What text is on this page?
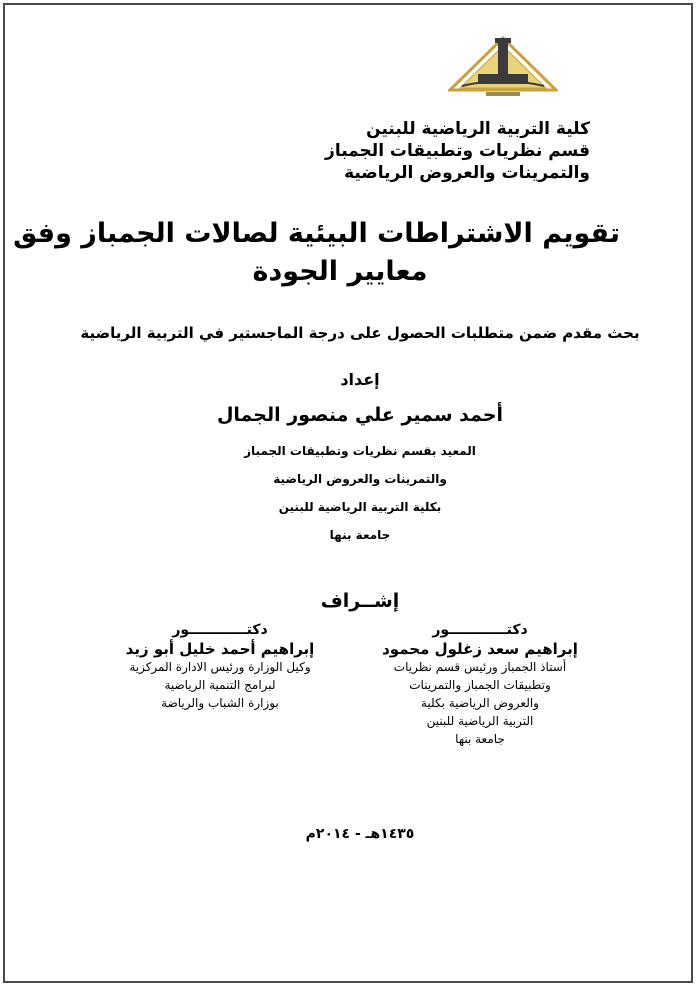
كلية التربية الرياضية للبنين
قسم نظريات وتطبيقات الجمباز
والتمرينات والعروض الرياضية
تقويم الاشتراطات البيئية لصالات الجمباز وفق
معايير الجودة
بحث مقدم ضمن متطلبات الحصول على درجة الماجستير في التربية الرياضية
إعداد
أحمد سمير علي منصور الجمال
المعيد بقسم نظريات وتطبيقات الجمباز
والتمرينات والعروض الرياضية
بكلية التربية الرياضية للبنين
جامعة بنها
إشــراف
دكتــــــــــــور
إبراهيم سعد زغلول محمود
أستاذ الجمباز ورئيس قسم نظريات
وتطبيقات الجمباز والتمرينات
والعروض الرياضية بكلية
التربية الرياضية للبنين
جامعة بنها
دكتــــــــــــور
إبراهيم أحمد خليل أبو زيد
وكيل الوزارة ورئيس الادارة المركزية
لبرامج التنمية الرياضية
بوزارة الشباب والرياضة
١٤٣٥هـ - ٢٠١٤م
